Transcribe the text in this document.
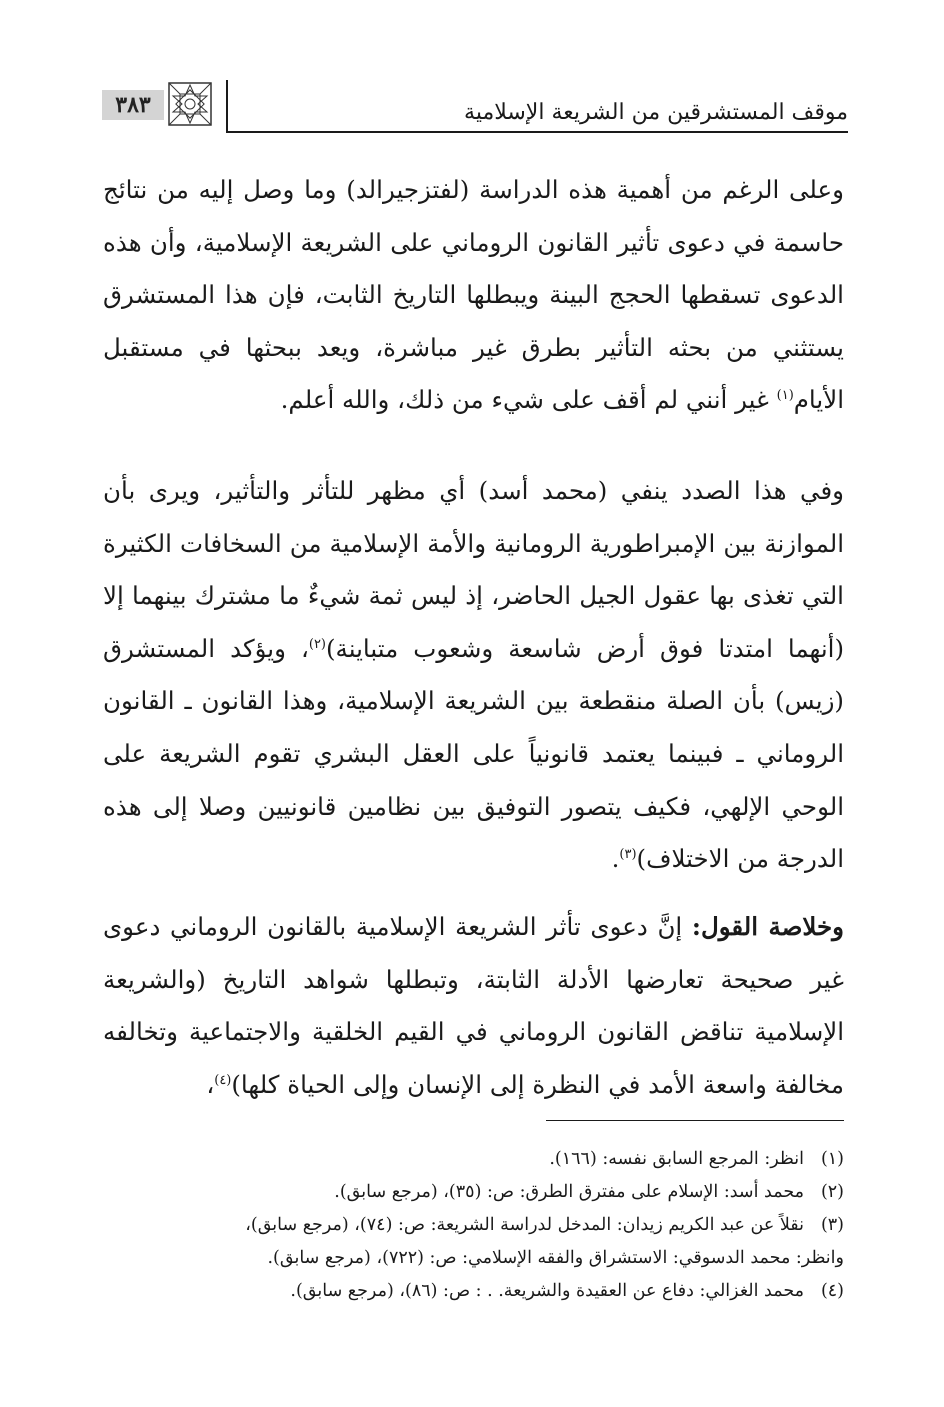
موقف المستشرقين من الشريعة الإسلامية
٣٨٣
وعلى الرغم من أهمية هذه الدراسة (لفتزجيرالد) وما وصل إليه من نتائج حاسمة في دعوى تأثير القانون الروماني على الشريعة الإسلامية، وأن هذه الدعوى تسقطها الحجج البينة ويبطلها التاريخ الثابت، فإن هذا المستشرق يستثني من بحثه التأثير بطرق غير مباشرة، ويعد ببحثها في مستقبل الأيام$^{(١)}$ غير أنني لم أقف على شيء من ذلك، والله أعلم.
وفي هذا الصدد ينفي (محمد أسد) أي مظهر للتأثر والتأثير، ويرى بأن الموازنة بين الإمبراطورية الرومانية والأمة الإسلامية من السخافات الكثيرة التي تغذى بها عقول الجيل الحاضر، إذ ليس ثمة شيءٌ ما مشترك بينهما إلا (أنهما امتدتا فوق أرض شاسعة وشعوب متباينة)$^{(٢)}$، ويؤكد المستشرق (زيس) بأن الصلة منقطعة بين الشريعة الإسلامية، وهذا القانون ـ القانون الروماني ـ فبينما يعتمد قانونياً على العقل البشري تقوم الشريعة على الوحي الإلهي، فكيف يتصور التوفيق بين نظامين قانونيين وصلا إلى هذه الدرجة من الاختلاف)$^{(٣)}$.
وخلاصة القول: إنَّ دعوى تأثر الشريعة الإسلامية بالقانون الروماني دعوى غير صحيحة تعارضها الأدلة الثابتة، وتبطلها شواهد التاريخ (والشريعة الإسلامية تناقض القانون الروماني في القيم الخلقية والاجتماعية وتخالفه مخالفة واسعة الأمد في النظرة إلى الإنسان وإلى الحياة كلها)$^{(٤)}$،
(١)
انظر: المرجع السابق نفسه: (١٦٦).
(٢)
محمد أسد: الإسلام على مفترق الطرق: ص: (٣٥)، (مرجع سابق).
(٣)
نقلاً عن عبد الكريم زيدان: المدخل لدراسة الشريعة: ص: (٧٤)، (مرجع سابق)،
وانظر: محمد الدسوقي: الاستشراق والفقه الإسلامي: ص: (٧٢٢)، (مرجع سابق).
(٤)
محمد الغزالي: دفاع عن العقيدة والشريعة. . : ص: (٨٦)، (مرجع سابق).
